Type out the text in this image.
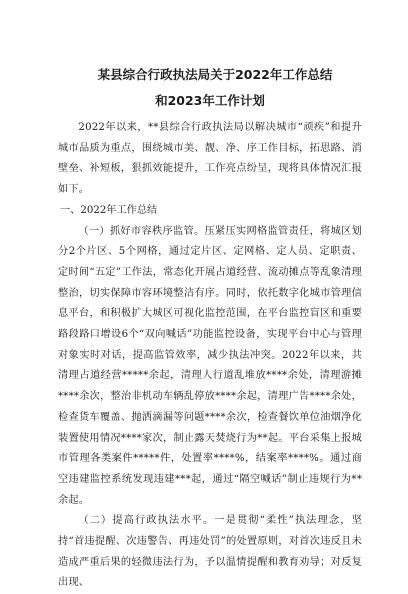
某县综合行政执法局关于2022年工作总结

和2023年工作计划

2022年以来，**县综合行政执法局以解决城市“顽疾”和提升城市品质为重点，围绕城市美、靓、净、序工作目标，拓思路、消壁垒、补短板，狠抓效能提升，工作亮点纷呈，现将具体情况汇报如下。

一、2022年工作总结

（一）抓好市容秩序监管。压紧压实网格监管责任，将城区划分2个片区、5个网格，通过定片区、定网格、定人员、定职责、定时间“五定”工作法，常态化开展占道经营、流动摊点等乱象清理整治，切实保障市容环境整洁有序。同时，依托数字化城市管理信息平台，和积极扩大城区可视化监控范围，在平台监控盲区和重要路段路口增设6个“双向喊话”功能监控设备，实现平台中心与管理对象实时对话，提高监管效率，减少执法冲突。2022年以来，共清理占道经营*****余起，清理人行道乱堆放****余处，清理游摊****余次，整治非机动车辆乱停放****余起，清理广告****余处，检查货车覆盖、抛洒滴漏等问题****余次，检查餐饮单位油烟净化装置使用情况****家次，制止露天焚烧行为**起。平台采集上报城市管理各类案件*****件，处置率****%，结案率****%。通过商空违建监控系统发现违建***起，通过“隔空喊话”制止违规行为**余起。

（二）提高行政执法水平。一是贯彻“柔性”执法理念，坚持“首违提醒、次违警告、再违处罚”的处置原则，对首次违反且未造成严重后果的轻微违法行为，予以温情提醒和教育劝导；对反复出现、
